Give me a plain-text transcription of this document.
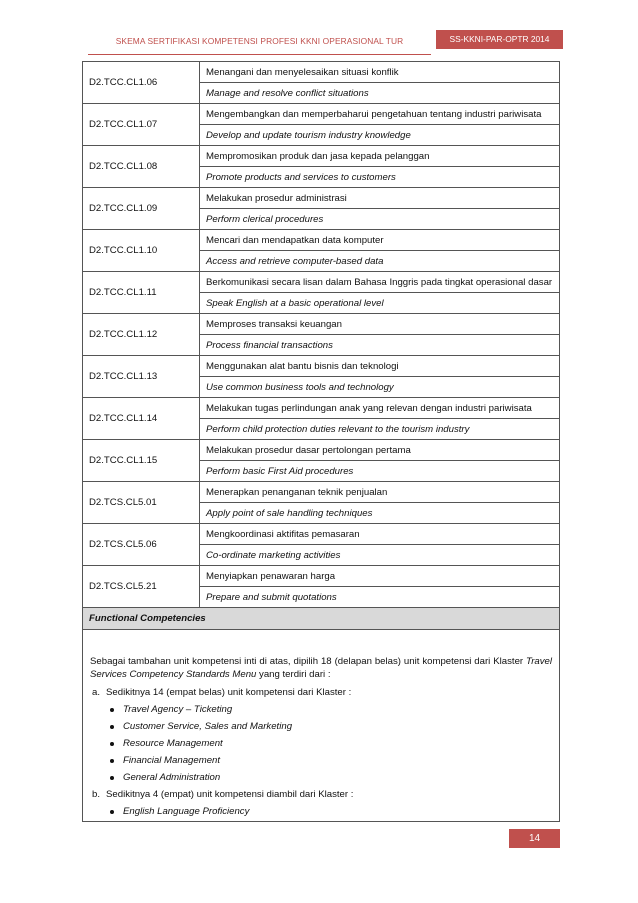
SKEMA SERTIFIKASI KOMPETENSI PROFESI KKNI OPERASIONAL TUR	SS-KKNI-PAR-OPTR 2014
D2.TCC.CL1.06	Menangani dan menyelesaikan situasi konflik
	Manage and resolve conflict situations
D2.TCC.CL1.07	Mengembangkan dan memperbaharui pengetahuan tentang industri pariwisata
	Develop and update tourism industry knowledge
D2.TCC.CL1.08	Mempromosikan produk dan jasa kepada pelanggan
	Promote products and services to customers
D2.TCC.CL1.09	Melakukan prosedur administrasi
	Perform clerical procedures
D2.TCC.CL1.10	Mencari dan mendapatkan data komputer
	Access and retrieve computer-based data
D2.TCC.CL1.11	Berkomunikasi secara lisan dalam Bahasa Inggris pada tingkat operasional dasar
	Speak English at a basic operational level
D2.TCC.CL1.12	Memproses transaksi keuangan
	Process financial transactions
D2.TCC.CL1.13	Menggunakan alat bantu bisnis dan teknologi
	Use common business tools and technology
D2.TCC.CL1.14	Melakukan tugas perlindungan anak yang relevan dengan industri pariwisata
	Perform child protection duties relevant to the tourism industry
D2.TCC.CL1.15	Melakukan prosedur dasar pertolongan pertama
	Perform basic First Aid procedures
D2.TCS.CL5.01	Menerapkan penanganan teknik penjualan
	Apply point of sale handling techniques
D2.TCS.CL5.06	Mengkoordinasi aktifitas pemasaran
	Co-ordinate marketing activities
D2.TCS.CL5.21	Menyiapkan penawaran harga
	Prepare and submit quotations
Functional Competencies	
Sebagai tambahan unit kompetensi inti di atas, dipilih 18 (delapan belas) unit kompetensi dari Klaster Travel Services Competency Standards Menu yang terdiri dari :
a. Sedikitnya 14 (empat belas) unit kompetensi dari Klaster :
Travel Agency – Ticketing
Customer Service, Sales and Marketing
Resource Management
Financial Management
General Administration
b. Sedikitnya 4 (empat) unit kompetensi diambil dari Klaster :
English Language Proficiency
14
